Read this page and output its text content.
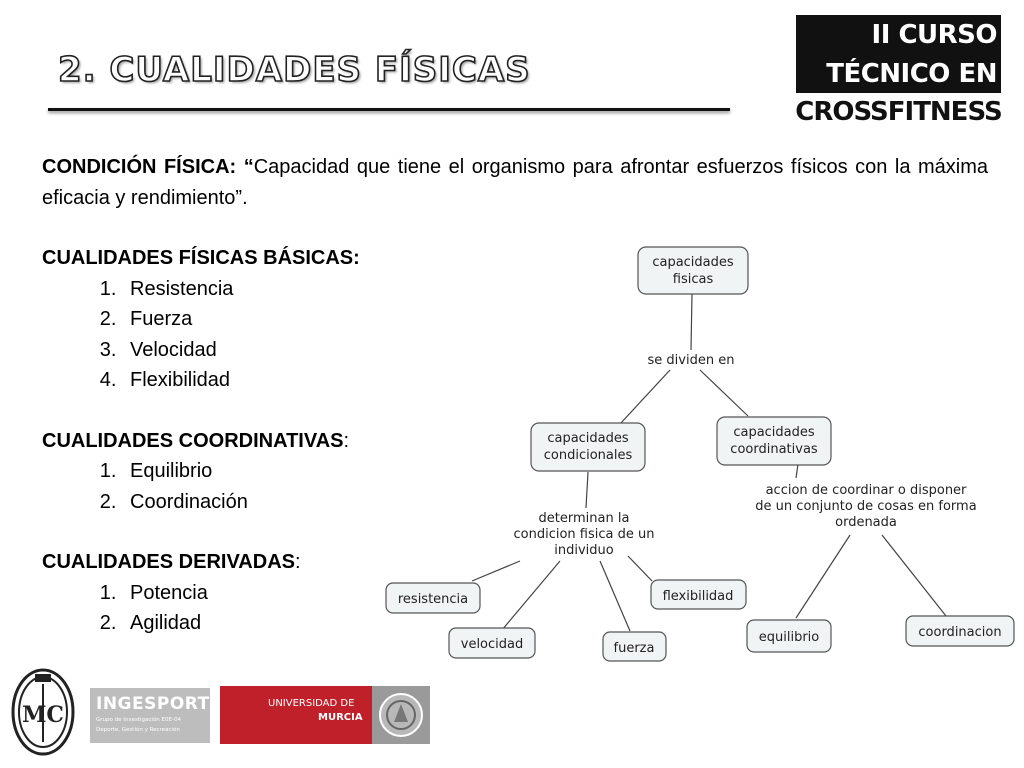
2. CUALIDADES FÍSICAS
II CURSO
TÉCNICO EN
CROSSFITNESS

CONDICIÓN FÍSICA: “Capacidad que tiene el organismo para afrontar esfuerzos físicos con la máxima eficacia y rendimiento”.

CUALIDADES FÍSICAS BÁSICAS:

1. Resistencia
2. Fuerza
3. Velocidad
4. Flexibilidad

CUALIDADES COORDINATIVAS:

1. Equilibrio
2. Coordinación

CUALIDADES DERIVADAS:

1. Potencia
2. Agilidad
capacidades
fisicas
se dividen en
capacidades
condicionales
capacidades
coordinativas
determinan la
condicion fisica de un
individuo
accion de coordinar o disponer
de un conjunto de cosas en forma
ordenada
resistencia
velocidad	fuerza
flexibilidad
equilibrio	coordinacion
MC	INGESPORT
Grupo de Investigación E0E-04
Deporte, Gestión y Recreación
UNIVERSIDAD DE
MURCIA
